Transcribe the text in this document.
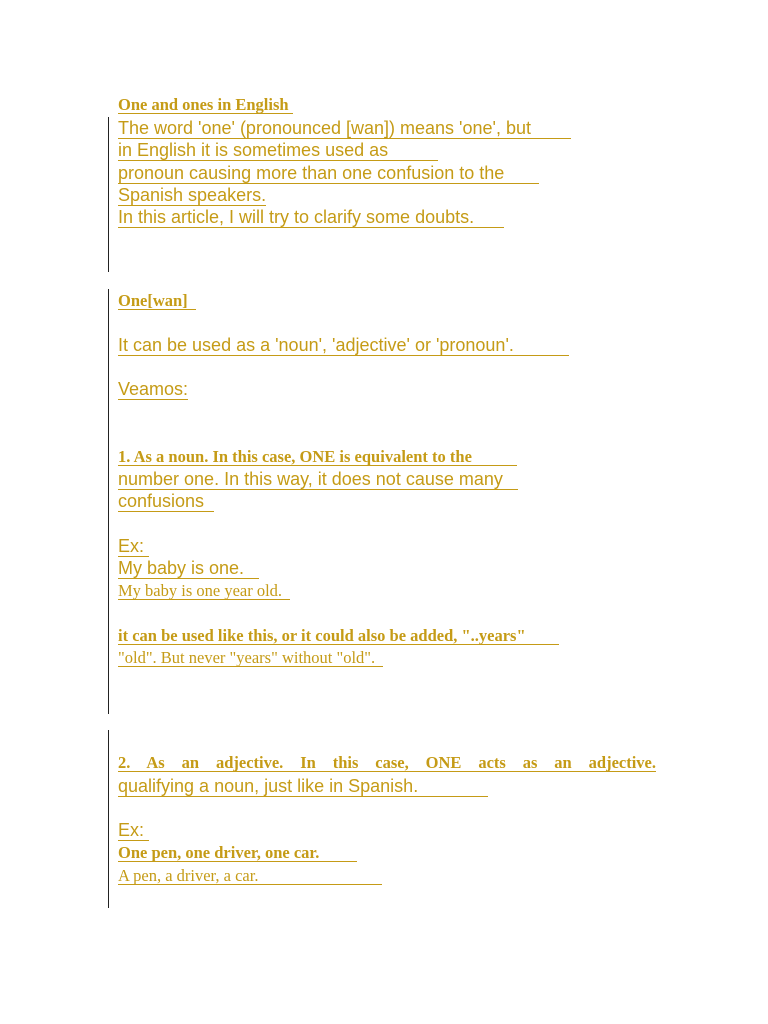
One and ones in English
The word 'one' (pronounced [wan]) means 'one', but
in English it is sometimes used as
pronoun causing more than one confusion to the
Spanish speakers.
In this article, I will try to clarify some doubts.
One[wan]
It can be used as a 'noun', 'adjective' or 'pronoun'.
Veamos:
1. As a noun. In this case, ONE is equivalent to the
number one. In this way, it does not cause many
confusions
Ex:
My baby is one.
My baby is one year old.
it can be used like this, or it could also be added, "..years"
"old". But never "years" without "old".
2. As an adjective. In this case, ONE acts as an adjective.
qualifying a noun, just like in Spanish.
Ex:
One pen, one driver, one car.
A pen, a driver, a car.
